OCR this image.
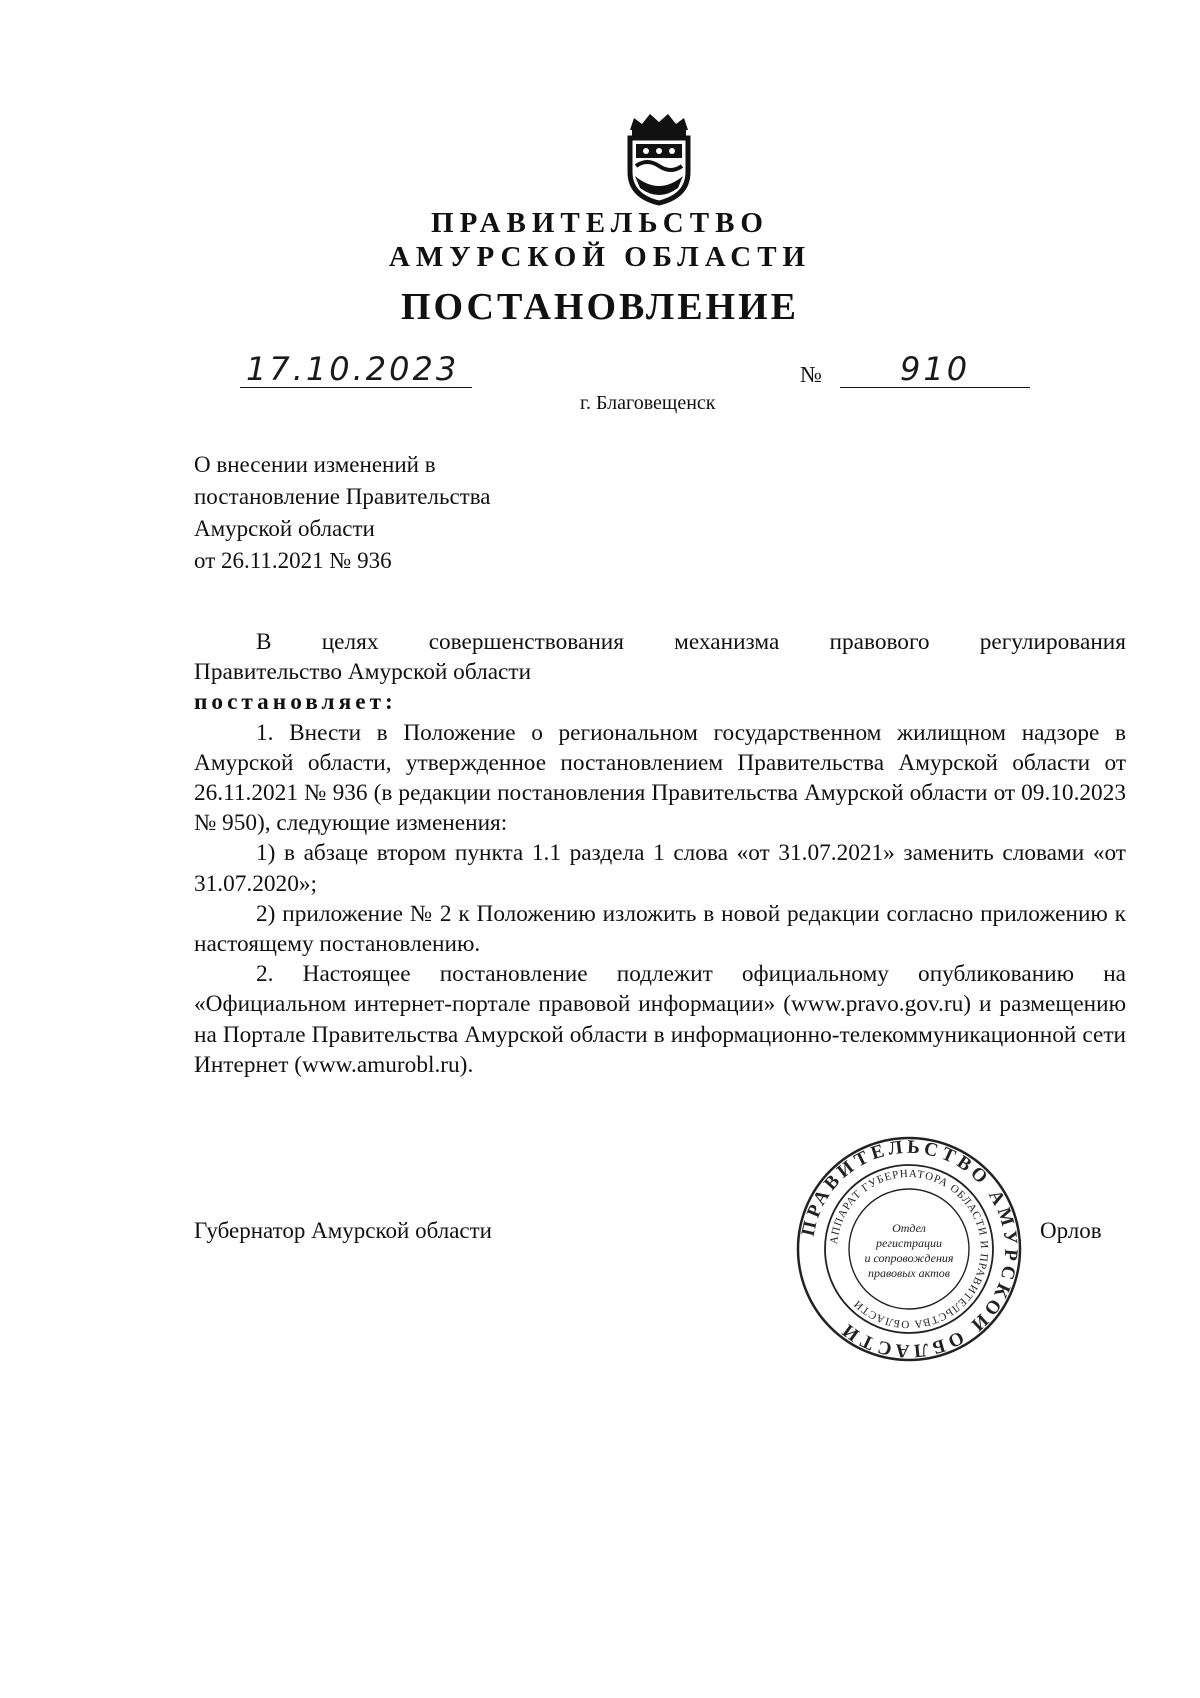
ПРАВИТЕЛЬСТВО
АМУРСКОЙ ОБЛАСТИ
ПОСТАНОВЛЕНИЕ
17.10.2023	№ 910
г. Благовещенск
О внесении изменений в
постановление Правительства
Амурской области
от 26.11.2021 № 936

В целях совершенствования механизма правового регулирования

Правительство Амурской области

постановляет:

1. Внести в Положение о региональном государственном жилищном надзоре в Амурской области, утвержденное постановлением Правительства Амурской области от 26.11.2021 № 936 (в редакции постановления Правительства Амурской области от 09.10.2023 № 950), следующие изменения:

1) в абзаце втором пункта 1.1 раздела 1 слова «от 31.07.2021» заменить словами «от 31.07.2020»;

2) приложение № 2 к Положению изложить в новой редакции согласно приложению к настоящему постановлению.

2. Настоящее постановление подлежит официальному опубликованию на «Официальном интернет-портале правовой информации» (www.pravo.gov.ru) и размещению на Портале Правительства Амурской области в информационно-телекоммуникационной сети Интернет (www.amurobl.ru).

Губернатор Амурской области	ПРАВИТЕЛЬСТВО АМУРСКОЙ ОБЛАСТИ
АППАРАТ ГУБЕРНАТОРА ОБЛАСТИ И ПРАВИТЕЛЬСТВА ОБЛАСТИ
Отдел
регистрации
и сопровождения
правовых актов
Орлов
